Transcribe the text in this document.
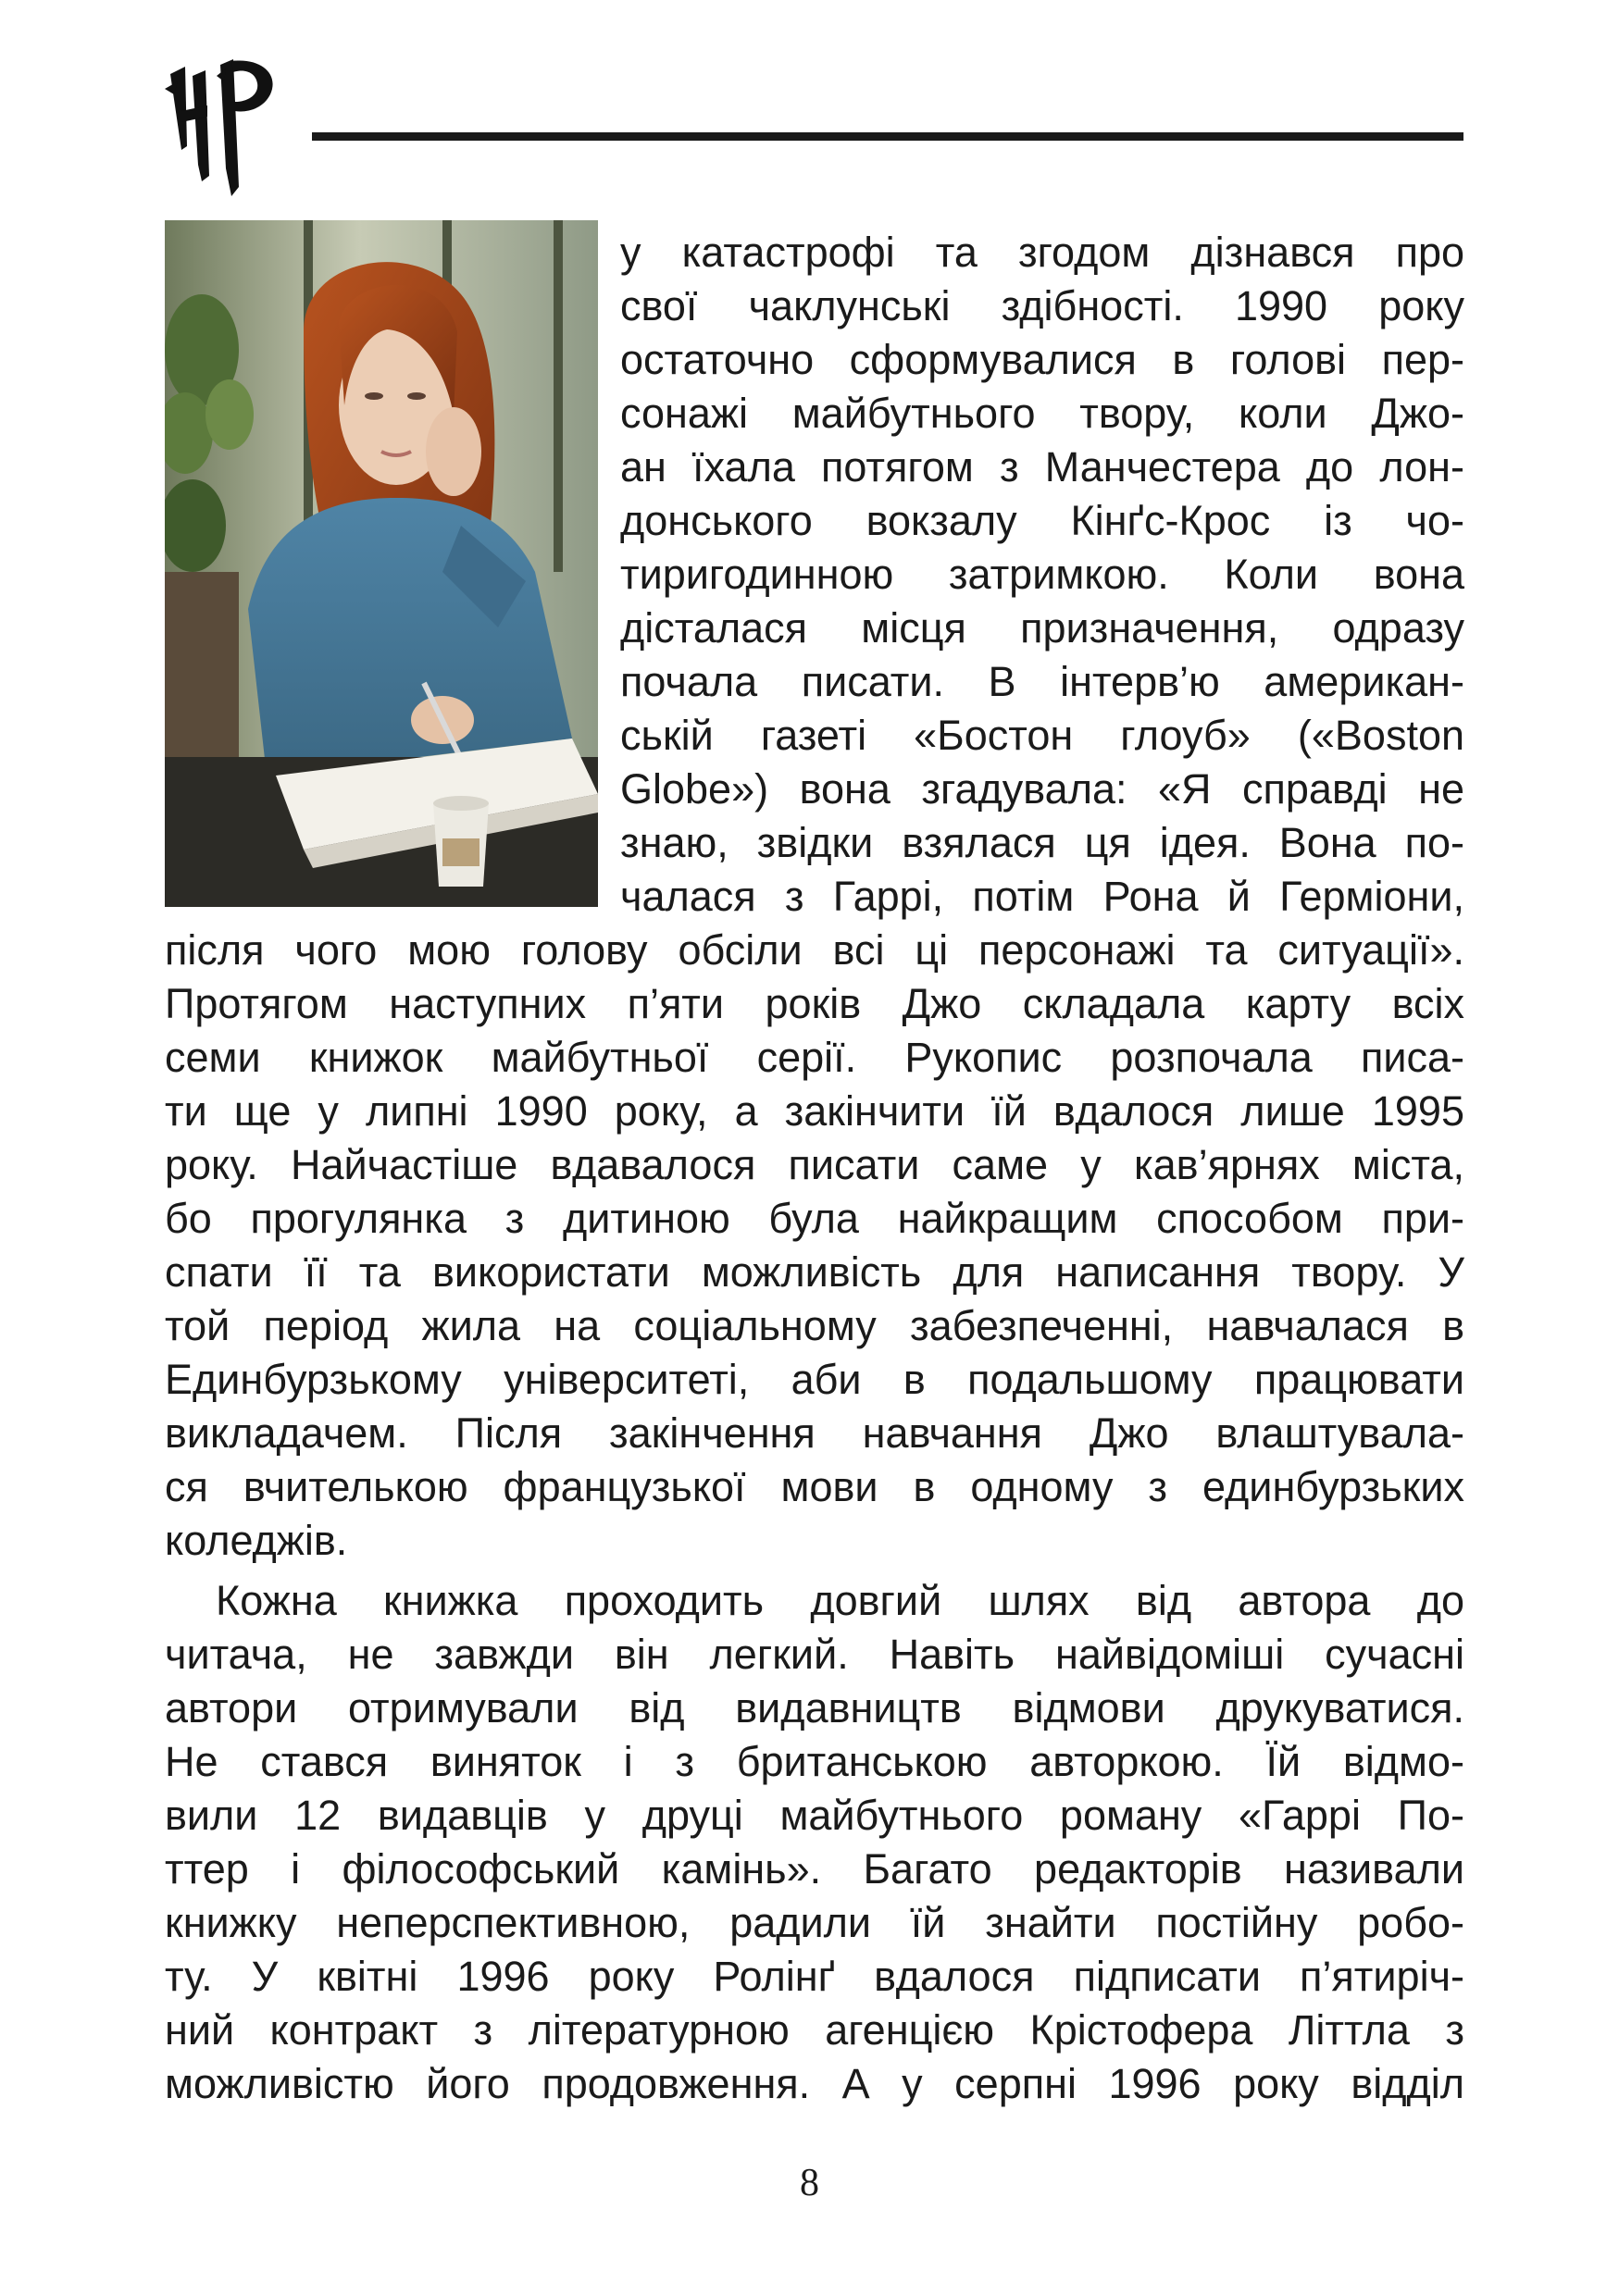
у катастрофі та згодом дізнався про
свої чаклунські здібності. 1990 року
остаточно сформувалися в голові пер-
сонажі майбутнього твору, коли Джо-
ан їхала потягом з Манчестера до лон-
донського вокзалу Кінґс-Крос із чо-
тиригодинною затримкою. Коли вона
дісталася місця призначення, одразу
почала писати. В інтерв’ю американ-
ській газеті «Бостон глоуб» («Boston
Globe») вона згадувала: «Я справді не
знаю, звідки взялася ця ідея. Вона по-
чалася з Гаррі, потім Рона й Герміони,
після чого мою голову обсіли всі ці персонажі та ситуації».
Протягом наступних п’яти років Джо складала карту всіх
семи книжок майбутньої серії. Рукопис розпочала писа-
ти ще у липні 1990 року, а закінчити їй вдалося лише 1995
року. Найчастіше вдавалося писати саме у кав’ярнях міста,
бо прогулянка з дитиною була найкращим способом при-
спати її та використати можливість для написання твору. У
той період жила на соціальному забезпеченні, навчалася в
Единбурзькому університеті, аби в подальшому працювати
викладачем. Після закінчення навчання Джо влаштувала-
ся вчителькою французької мови в одному з единбурзьких
коледжів.
Кожна книжка проходить довгий шлях від автора до
читача, не завжди він легкий. Навіть найвідоміші сучасні
автори отримували від видавництв відмови друкуватися.
Не стався виняток і з британською авторкою. Їй відмо-
вили 12 видавців у друці майбутнього роману «Гаррі По-
ттер і філософський камінь». Багато редакторів називали
книжку неперспективною, радили їй знайти постійну робо-
ту. У квітні 1996 року Ролінґ вдалося підписати п’ятиріч-
ний контракт з літературною агенцією Крістофера Літтла з
можливістю його продовження. А у серпні 1996 року відділ
8
